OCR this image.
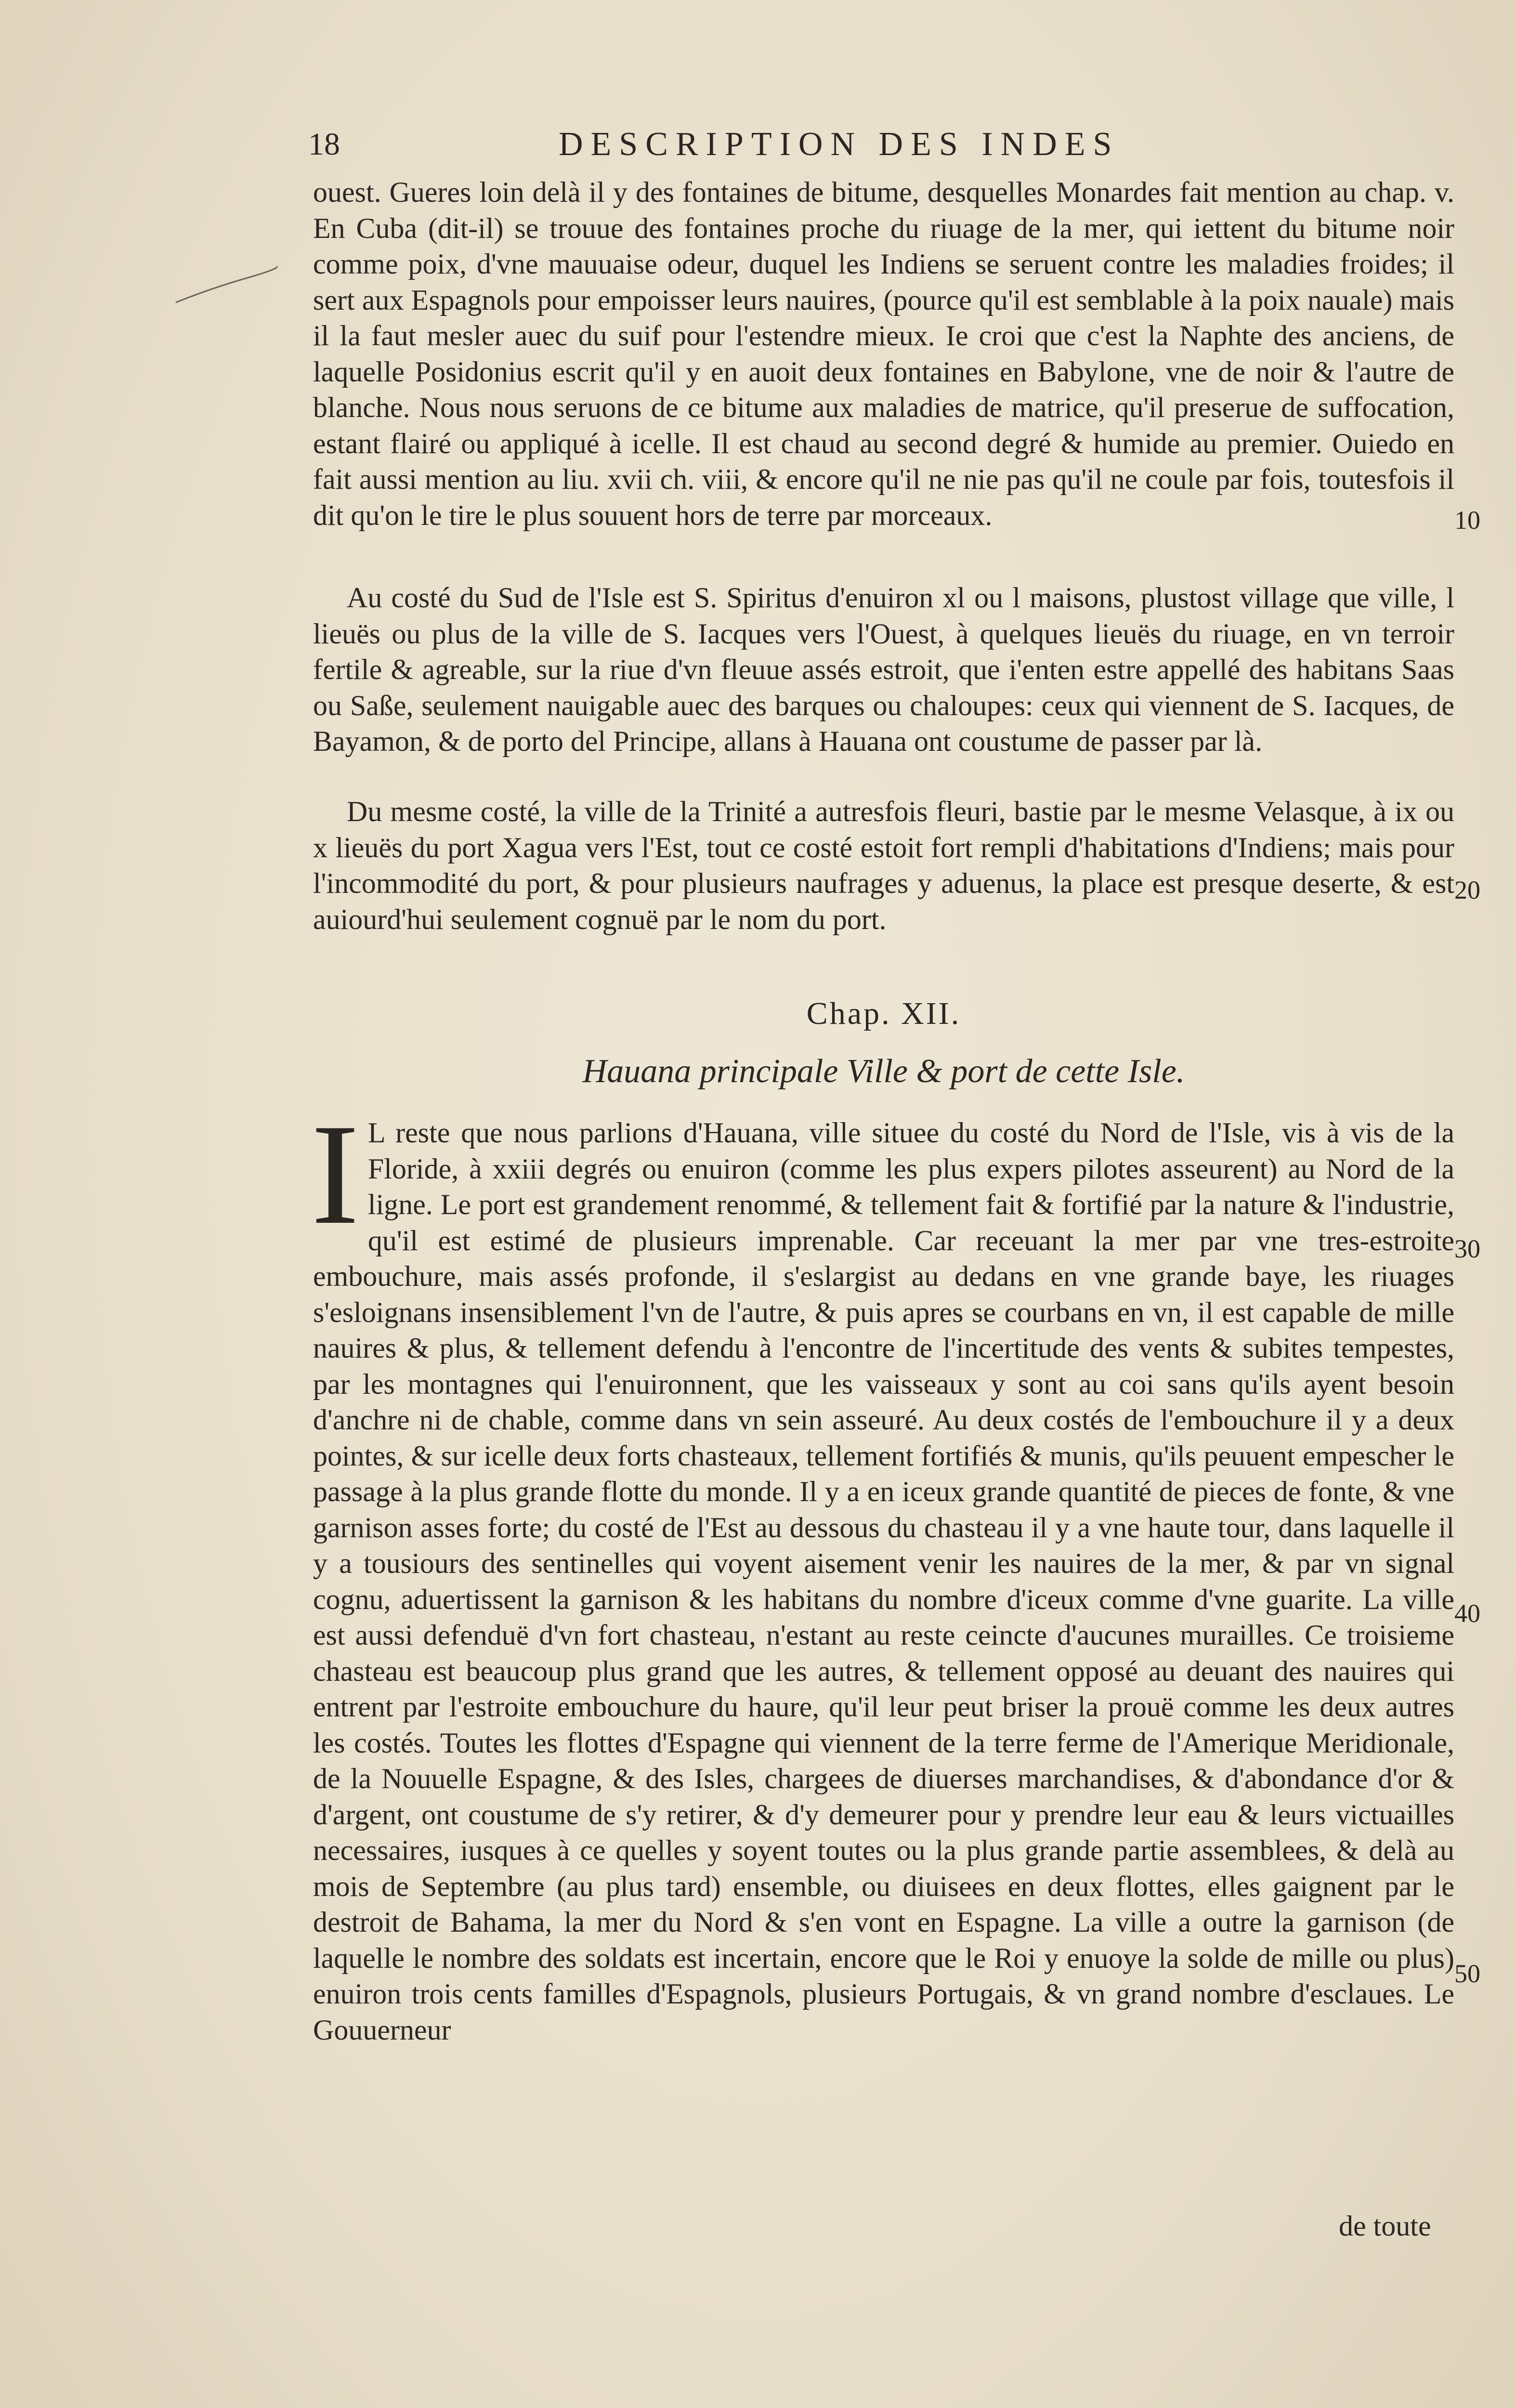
18	DESCRIPTION DES INDES

ouest. Gueres loin delà il y des fontaines de bitume, desquelles Monardes fait mention au chap. v. En Cuba (dit-il) se trouue des fontaines proche du riuage de la mer, qui iettent du bitume noir comme poix, d'vne mauuaise odeur, duquel les Indiens se seruent contre les maladies froides; il sert aux Espagnols pour empoisser leurs nauires, (pource qu'il est semblable à la poix nauale) mais il la faut mesler auec du suif pour l'estendre mieux. Ie croi que c'est la Naphte des anciens, de laquelle Posidonius escrit qu'il y en auoit deux fontaines en Babylone, vne de noir & l'autre de blanche. Nous nous seruons de ce bitume aux maladies de matrice, qu'il preserue de suffocation, estant flairé ou appliqué à icelle. Il est chaud au second degré & humide au premier. Ouiedo en fait aussi mention au liu. xvii ch. viii, & encore qu'il ne nie pas qu'il ne coule par fois, toutesfois il dit qu'on le tire le plus souuent hors de terre par morceaux.

Au costé du Sud de l'Isle est S. Spiritus d'enuiron xl ou l maisons, plustost village que ville, l lieuës ou plus de la ville de S. Iacques vers l'Ouest, à quelques lieuës du riuage, en vn terroir fertile & agreable, sur la riue d'vn fleuue assés estroit, que i'enten estre appellé des habitans Saas ou Saße, seulement nauigable auec des barques ou chaloupes: ceux qui viennent de S. Iacques, de Bayamon, & de porto del Principe, allans à Hauana ont coustume de passer par là.

Du mesme costé, la ville de la Trinité a autresfois fleuri, bastie par le mesme Velasque, à ix ou x lieuës du port Xagua vers l'Est, tout ce costé estoit fort rempli d'habitations d'Indiens; mais pour l'incommodité du port, & pour plusieurs naufrages y aduenus, la place est presque deserte, & est auiourd'hui seulement cognuë par le nom du port.

Chap. XII.
Hauana principale Ville & port de cette Isle.
I L reste que nous parlions d'Hauana, ville situee du costé du Nord de l'Isle, vis à vis de la Floride, à xxiii degrés ou enuiron (comme les plus expers pilotes asseurent) au Nord de la ligne. Le port est grandement renommé, & tellement fait & fortifié par la nature & l'industrie, qu'il est estimé de plusieurs imprenable. Car receuant la mer par vne tres-estroite embouchure, mais assés profonde, il s'eslargist au dedans en vne grande baye, les riuages s'esloignans insensiblement l'vn de l'autre, & puis apres se courbans en vn, il est capable de mille nauires & plus, & tellement defendu à l'encontre de l'incertitude des vents & subites tempestes, par les montagnes qui l'enuironnent, que les vaisseaux y sont au coi sans qu'ils ayent besoin d'anchre ni de chable, comme dans vn sein asseuré. Au deux costés de l'embouchure il y a deux pointes, & sur icelle deux forts chasteaux, tellement fortifiés & munis, qu'ils peuuent empescher le passage à la plus grande flotte du monde. Il y a en iceux grande quantité de pieces de fonte, & vne garnison asses forte; du costé de l'Est au dessous du chasteau il y a vne haute tour, dans laquelle il y a tousiours des sentinelles qui voyent aisement venir les nauires de la mer, & par vn signal cognu, aduertissent la garnison & les habitans du nombre d'iceux comme d'vne guarite. La ville est aussi defenduë d'vn fort chasteau, n'estant au reste ceincte d'aucunes murailles. Ce troisieme chasteau est beaucoup plus grand que les autres, & tellement opposé au deuant des nauires qui entrent par l'estroite embouchure du haure, qu'il leur peut briser la prouë comme les deux autres les costés. Toutes les flottes d'Espagne qui viennent de la terre ferme de l'Amerique Meridionale, de la Nouuelle Espagne, & des Isles, chargees de diuerses marchandises, & d'abondance d'or & d'argent, ont coustume de s'y retirer, & d'y demeurer pour y prendre leur eau & leurs victuailles necessaires, iusques à ce quelles y soyent toutes ou la plus grande partie assemblees, & delà au mois de Septembre (au plus tard) ensemble, ou diuisees en deux flottes, elles gaignent par le destroit de Bahama, la mer du Nord & s'en vont en Espagne. La ville a outre la garnison (de laquelle le nombre des soldats est incertain, encore que le Roi y enuoye la solde de mille ou plus) enuiron trois cents familles d'Espagnols, plusieurs Portugais, & vn grand nombre d'esclaues. Le Gouuerneur

10
20
30
40
50
de toute
